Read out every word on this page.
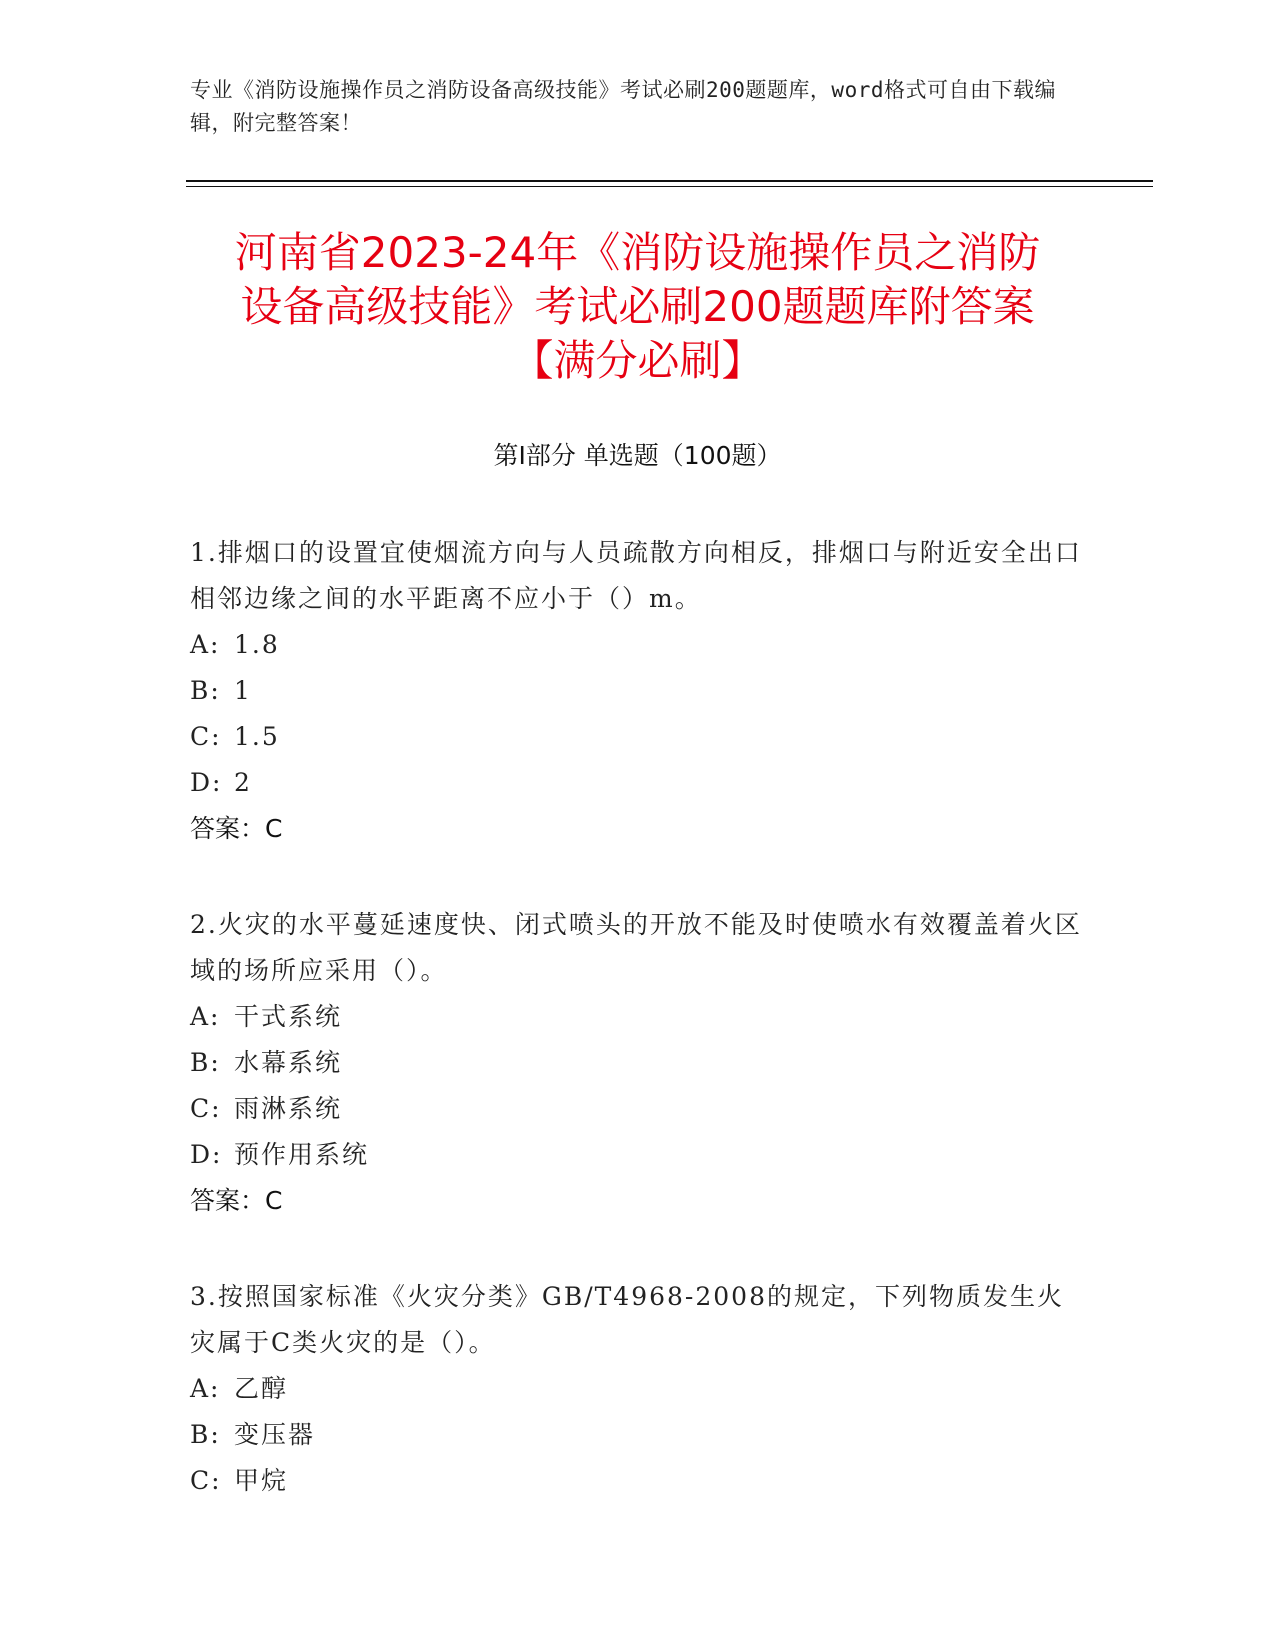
专业《消防设施操作员之消防设备高级技能》考试必刷200题题库，word格式可自由下载编辑，附完整答案！
河南省2023-24年《消防设施操作员之消防
设备高级技能》考试必刷200题题库附答案
【满分必刷】
第Ⅰ部分 单选题（100题）
1.排烟口的设置宜使烟流方向与人员疏散方向相反，排烟口与附近安全出口相邻边缘之间的水平距离不应小于（）m。
A: 1.8
B: 1
C: 1.5
D: 2
答案：C
2.火灾的水平蔓延速度快、闭式喷头的开放不能及时使喷水有效覆盖着火区域的场所应采用（）。
A: 干式系统
B: 水幕系统
C: 雨淋系统
D: 预作用系统
答案：C
3.按照国家标准《火灾分类》GB/T4968-2008的规定，下列物质发生火灾属于C类火灾的是（）。
A: 乙醇
B: 变压器
C: 甲烷
